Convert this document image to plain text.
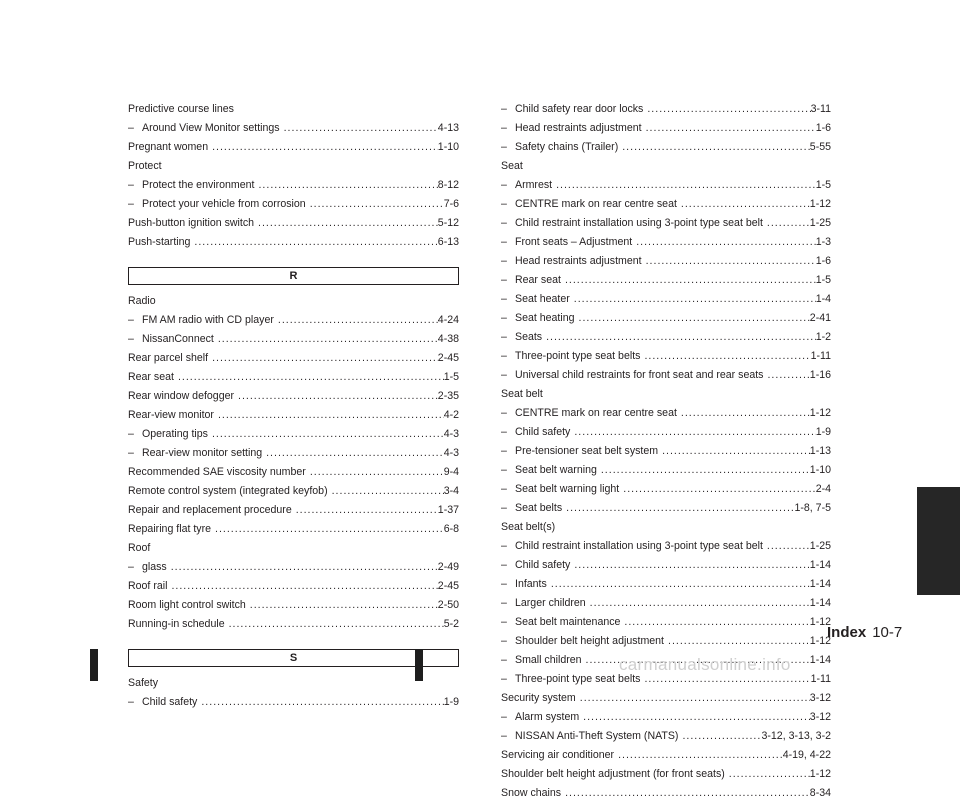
Predictive course lines
– Around View Monitor settings .....	4-13
Pregnant women .....	1-10
Protect
– Protect the environment .....	8-12
– Protect your vehicle from corrosion .....	7-6
Push-button ignition switch .....	5-12
Push-starting .....	6-13
R
Radio
– FM AM radio with CD player .....	4-24
– NissanConnect .....	4-38
Rear parcel shelf .....	2-45
Rear seat .....	1-5
Rear window defogger .....	2-35
Rear-view monitor .....	4-2
– Operating tips .....	4-3
– Rear-view monitor setting .....	4-3
Recommended SAE viscosity number .....	9-4
Remote control system (integrated keyfob) .....	3-4
Repair and replacement procedure .....	1-37
Repairing flat tyre .....	6-8
Roof
– glass .....	2-49
Roof rail .....	2-45
Room light control switch .....	2-50
Running-in schedule .....	5-2
S
Safety
– Child safety .....	1-9
– Child safety rear door locks .....	3-11
– Head restraints adjustment .....	1-6
– Safety chains (Trailer) .....	5-55
Seat
– Armrest .....	1-5
– CENTRE mark on rear centre seat .....	1-12
– Child restraint installation using 3-point type seat belt .....	1-25
– Front seats – Adjustment .....	1-3
– Head restraints adjustment .....	1-6
– Rear seat .....	1-5
– Seat heater .....	1-4
– Seat heating .....	2-41
– Seats .....	1-2
– Three-point type seat belts .....	1-11
– Universal child restraints for front seat and rear seats .....	1-16
Seat belt
– CENTRE mark on rear centre seat .....	1-12
– Child safety .....	1-9
– Pre-tensioner seat belt system .....	1-13
– Seat belt warning .....	1-10
– Seat belt warning light .....	2-4
– Seat belts .....	1-8, 7-5
Seat belt(s)
– Child restraint installation using 3-point type seat belt .....	1-25
– Child safety .....	1-14
– Infants .....	1-14
– Larger children .....	1-14
– Seat belt maintenance .....	1-12
– Shoulder belt height adjustment .....	1-12
– Small children .....	1-14
– Three-point type seat belts .....	1-11
Security system .....	3-12
– Alarm system .....	3-12
– NISSAN Anti-Theft System (NATS) .....	3-12, 3-13, 3-2
Servicing air conditioner .....	4-19, 4-22
Shoulder belt height adjustment (for front seats) .....	1-12
Snow chains .....	8-34
Index 10-7
carmanualsonline.info
